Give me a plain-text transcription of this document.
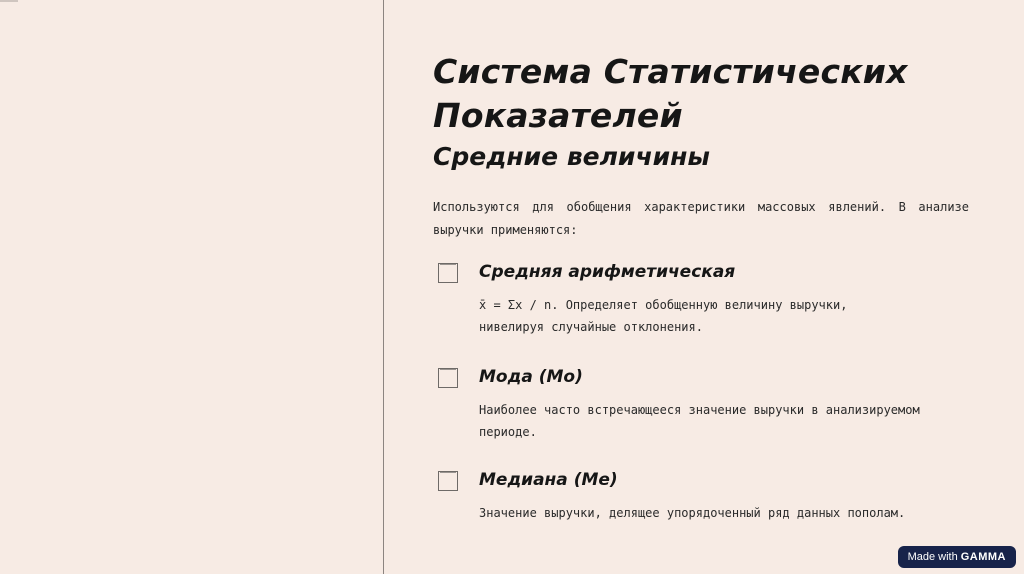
Система Статистических Показателей
Средние величины

Используются для обобщения характеристики массовых явлений. В анализе выручки применяются:

Средняя арифметическая

x̄ = Σx / n. Определяет обобщенную величину выручки, нивелируя случайные отклонения.

Мода (Мо)

Наиболее часто встречающееся значение выручки в анализируемом периоде.

Медиана (Ме)

Значение выручки, делящее упорядоченный ряд данных пополам.

Made with GAMMA
